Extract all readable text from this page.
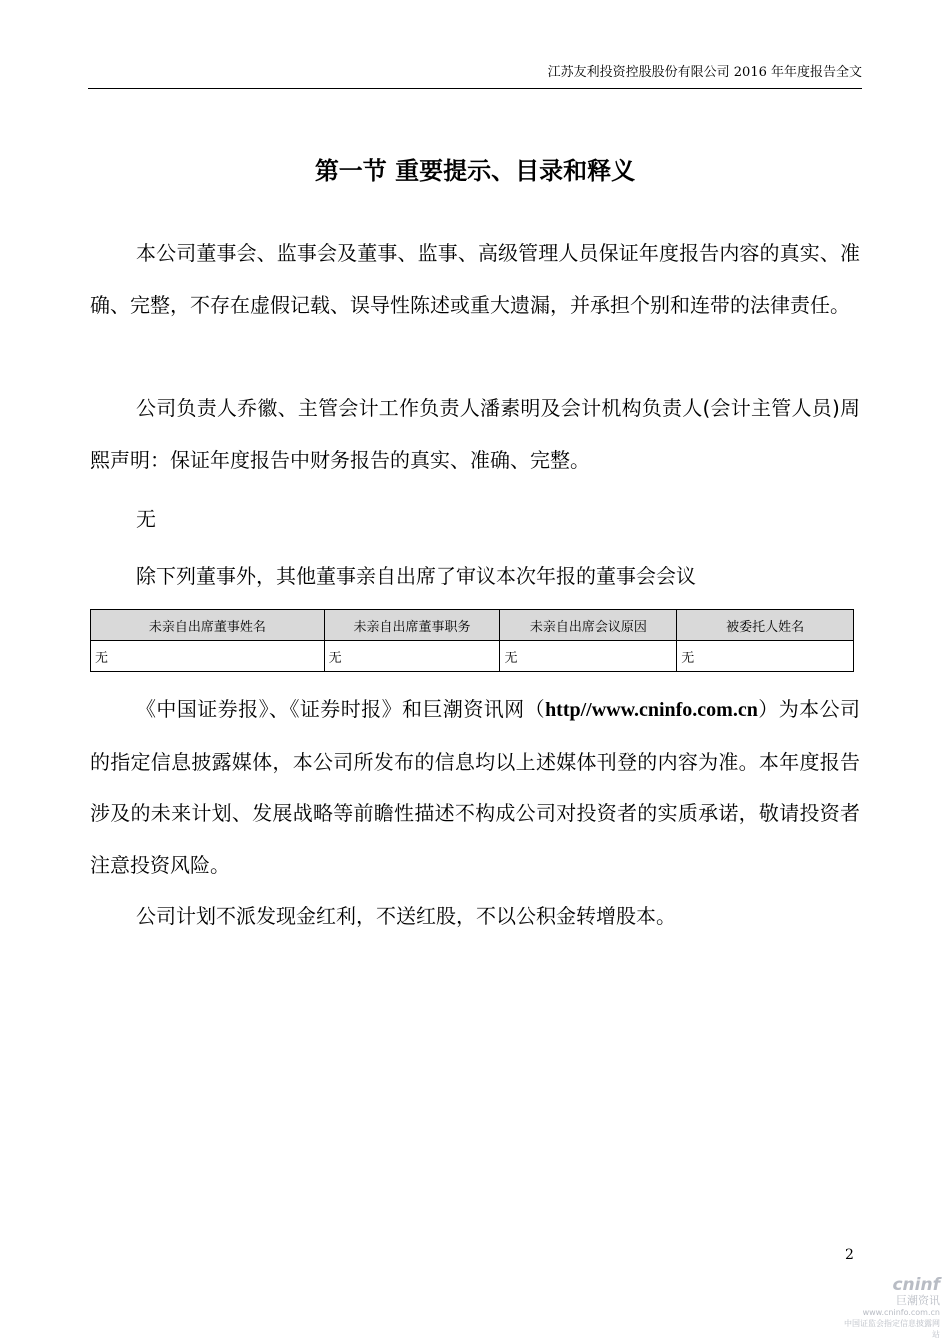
江苏友利投资控股股份有限公司 2016 年年度报告全文
第一节 重要提示、目录和释义

本公司董事会、监事会及董事、监事、高级管理人员保证年度报告内容的真实、准确、完整，不存在虚假记载、误导性陈述或重大遗漏，并承担个别和连带的法律责任。

公司负责人乔徽、主管会计工作负责人潘素明及会计机构负责人(会计主管人员)周熙声明：保证年度报告中财务报告的真实、准确、完整。

无

除下列董事外，其他董事亲自出席了审议本次年报的董事会会议

未亲自出席董事姓名	未亲自出席董事职务	未亲自出席会议原因	被委托人姓名
无	无	无	无

《中国证券报》、《证券时报》和巨潮资讯网（http//www.cninfo.com.cn）为本公司的指定信息披露媒体，本公司所发布的信息均以上述媒体刊登的内容为准。本年度报告涉及的未来计划、发展战略等前瞻性描述不构成公司对投资者的实质承诺，敬请投资者注意投资风险。

公司计划不派发现金红利，不送红股，不以公积金转增股本。

2
cninf
巨潮资讯
www.cninfo.com.cn
中国证监会指定信息披露网站
